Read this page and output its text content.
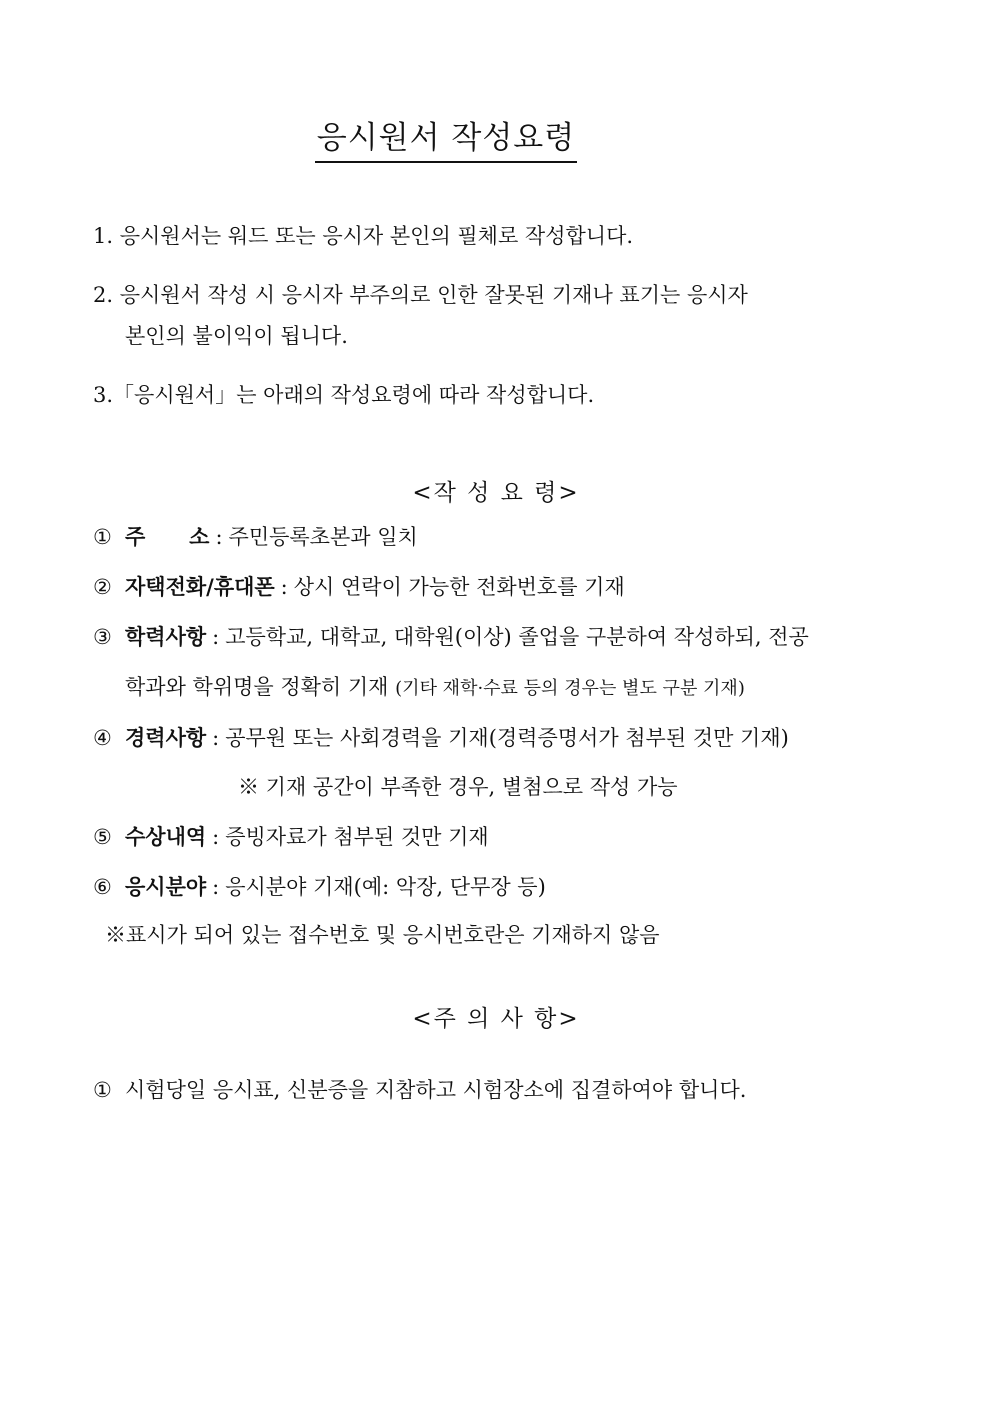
응시원서 작성요령
1. 응시원서는 워드 또는 응시자 본인의 필체로 작성합니다.
2. 응시원서 작성 시 응시자 부주의로 인한 잘못된 기재나 표기는 응시자
본인의 불이익이 됩니다.
3.「응시원서」는 아래의 작성요령에 따라 작성합니다.
<작 성 요 령>
① 주      소 : 주민등록초본과 일치
② 자택전화/휴대폰 : 상시 연락이 가능한 전화번호를 기재
③ 학력사항 : 고등학교, 대학교, 대학원(이상) 졸업을 구분하여 작성하되, 전공
학과와 학위명을 정확히 기재 (기타 재학·수료 등의 경우는 별도 구분 기재)
④ 경력사항 : 공무원 또는 사회경력을 기재(경력증명서가 첨부된 것만 기재)
※ 기재 공간이 부족한 경우, 별첨으로 작성 가능
⑤ 수상내역 : 증빙자료가 첨부된 것만 기재
⑥ 응시분야 : 응시분야 기재(예: 악장, 단무장 등)
※표시가 되어 있는 접수번호 및 응시번호란은 기재하지 않음
<주 의 사 항>
① 시험당일 응시표, 신분증을 지참하고 시험장소에 집결하여야 합니다.
